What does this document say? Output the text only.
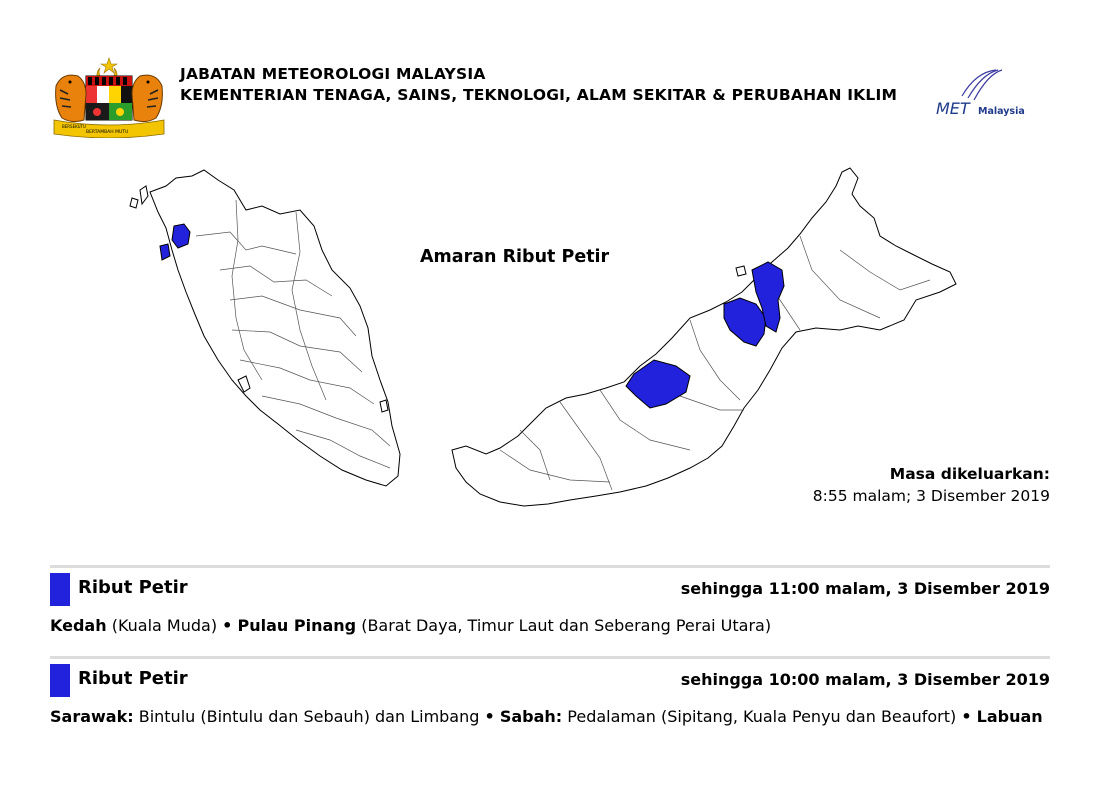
BERSEKUTU
BERTAMBAH MUTU
JABATAN METEOROLOGI MALAYSIA
KEMENTERIAN TENAGA, SAINS, TEKNOLOGI, ALAM SEKITAR & PERUBAHAN IKLIM
MET Malaysia
Amaran Ribut Petir
Masa dikeluarkan:
8:55 malam; 3 Disember 2019
Ribut Petir	sehingga 11:00 malam, 3 Disember 2019
Kedah (Kuala Muda) • Pulau Pinang (Barat Daya, Timur Laut dan Seberang Perai Utara)
Ribut Petir	sehingga 10:00 malam, 3 Disember 2019
Sarawak: Bintulu (Bintulu dan Sebauh) dan Limbang • Sabah: Pedalaman (Sipitang, Kuala Penyu dan Beaufort) • Labuan
